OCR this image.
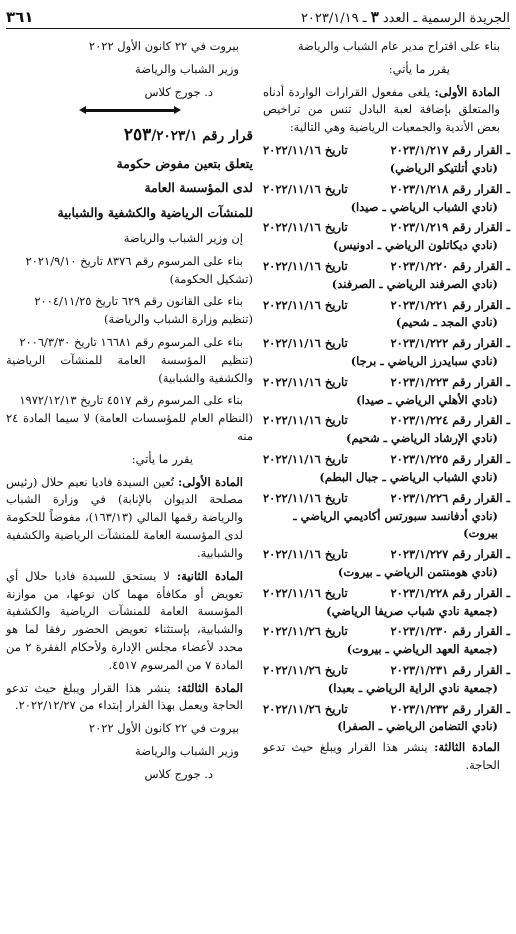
الجريدة الرسمية ـ العدد ٣ ـ ٢٠٢٣/١/١٩
٣٦١

بناء على اقتراح مدير عام الشباب والرياضة

يقرر ما يأتي:

المادة الأولى: يلغى مفعول القرارات الواردة أدناه والمتعلق بإضافة لعبة البادل تنس من تراخيص بعض الأندية والجمعيات الرياضية وهي التالية:

ـ القرار رقم ٢٠٢٣/١/٢١٧
تاريخ ٢٠٢٢/١١/١٦
(نادي أتلتيكو الرياضي)
ـ القرار رقم ٢٠٢٣/١/٢١٨
تاريخ ٢٠٢٢/١١/١٦
(نادي الشباب الرياضي ـ صيدا)
ـ القرار رقم ٢٠٢٣/١/٢١٩
تاريخ ٢٠٢٢/١١/١٦
(نادي ديكاتلون الرياضي ـ ادونيس)
ـ القرار رقم ٢٠٢٣/١/٢٢٠
تاريخ ٢٠٢٢/١١/١٦
(نادي الصرفند الرياضي ـ الصرفند)
ـ القرار رقم ٢٠٢٣/١/٢٢١
تاريخ ٢٠٢٢/١١/١٦
(نادي المجد ـ شحيم)
ـ القرار رقم ٢٠٢٣/١/٢٢٢
تاريخ ٢٠٢٢/١١/١٦
(نادي سبايدرز الرياضي ـ برجا)
ـ القرار رقم ٢٠٢٣/١/٢٢٣
تاريخ ٢٠٢٢/١١/١٦
(نادي الأهلي الرياضي ـ صيدا)
ـ القرار رقم ٢٠٢٣/١/٢٢٤
تاريخ ٢٠٢٢/١١/١٦
(نادي الإرشاد الرياضي ـ شحيم)
ـ القرار رقم ٢٠٢٣/١/٢٢٥
تاريخ ٢٠٢٢/١١/١٦
(نادي الشباب الرياضي ـ جبال البطم)
ـ القرار رقم ٢٠٢٣/١/٢٢٦
تاريخ ٢٠٢٢/١١/١٦
(نادي أدفانسد سبورتس أكاديمي الرياضي ـ بيروت)
ـ القرار رقم ٢٠٢٣/١/٢٢٧
تاريخ ٢٠٢٢/١١/١٦
(نادي هومنتمن الرياضي ـ بيروت)
ـ القرار رقم ٢٠٢٣/١/٢٢٨
تاريخ ٢٠٢٢/١١/١٦
(جمعية نادي شباب صريفا الرياضي)
ـ القرار رقم ٢٠٢٣/١/٢٣٠
تاريخ ٢٠٢٢/١١/٢٦
(جمعية العهد الرياضي ـ بيروت)
ـ القرار رقم ٢٠٢٣/١/٢٣١
تاريخ ٢٠٢٢/١١/٢٦
(جمعية نادي الراية الرياضي ـ بعبدا)
ـ القرار رقم ٢٠٢٣/١/٢٣٢
تاريخ ٢٠٢٢/١١/٢٦
(نادي التضامن الرياضي ـ الصفرا)

المادة الثالثة: ينشر هذا القرار ويبلغ حيث تدعو الحاجة.

بيروت في ٢٢ كانون الأول ٢٠٢٢

وزير الشباب والرياضة

د. جورج كلاس

قرار رقم ٢٥٣/٢٠٢٣/١

يتعلق بتعين مفوض حكومة

لدى المؤسسة العامة

للمنشآت الرياضية والكشفية والشبابية

إن وزير الشباب والرياضة

بناء على المرسوم رقم ٨٣٧٦ تاريخ ٢٠٢١/٩/١٠

(تشكيل الحكومة)

بناء على القانون رقم ٦٢٩ تاريخ ٢٠٠٤/١١/٢٥

(تنظيم وزارة الشباب والرياضة)

بناء على المرسوم رقم ١٦٦٨١ تاريخ ٢٠٠٦/٣/٣٠

(تنظيم المؤسسة العامة للمنشآت الرياضية والكشفية والشبابية)

بناء على المرسوم رقم ٤٥١٧ تاريخ ١٩٧٢/١٢/١٣

(النظام العام للمؤسسات العامة) لا سيما المادة ٢٤ منه

يقرر ما يأتي:

المادة الأولى: تُعين السيدة فاديا نعيم حلال (رئيس مصلحة الديوان بالإنابة) في وزارة الشباب والرياضة رقمها المالي (١٦٣/١٣)، مفوضاً للحكومة لدى المؤسسة العامة للمنشآت الرياضية والكشفية والشبابية.

المادة الثانية: لا يستحق للسيدة فاديا حلال أي تعويض أو مكافأة مهما كان نوعها، من موازنة المؤسسة العامة للمنشآت الرياضية والكشفية والشبابية، بإستثناء تعويض الحضور رفقا لما هو محدد لأعضاء مجلس الإدارة ولأحكام الفقرة ٢ من المادة ٧ من المرسوم ٤٥١٧.

المادة الثالثة: ينشر هذا القرار ويبلغ حيث تدعو الحاجة ويعمل بهذا القرار إبتداء من ٢٠٢٢/١٢/٢٧.

بيروت في ٢٢ كانون الأول ٢٠٢٢

وزير الشباب والرياضة

د. جورج كلاس
